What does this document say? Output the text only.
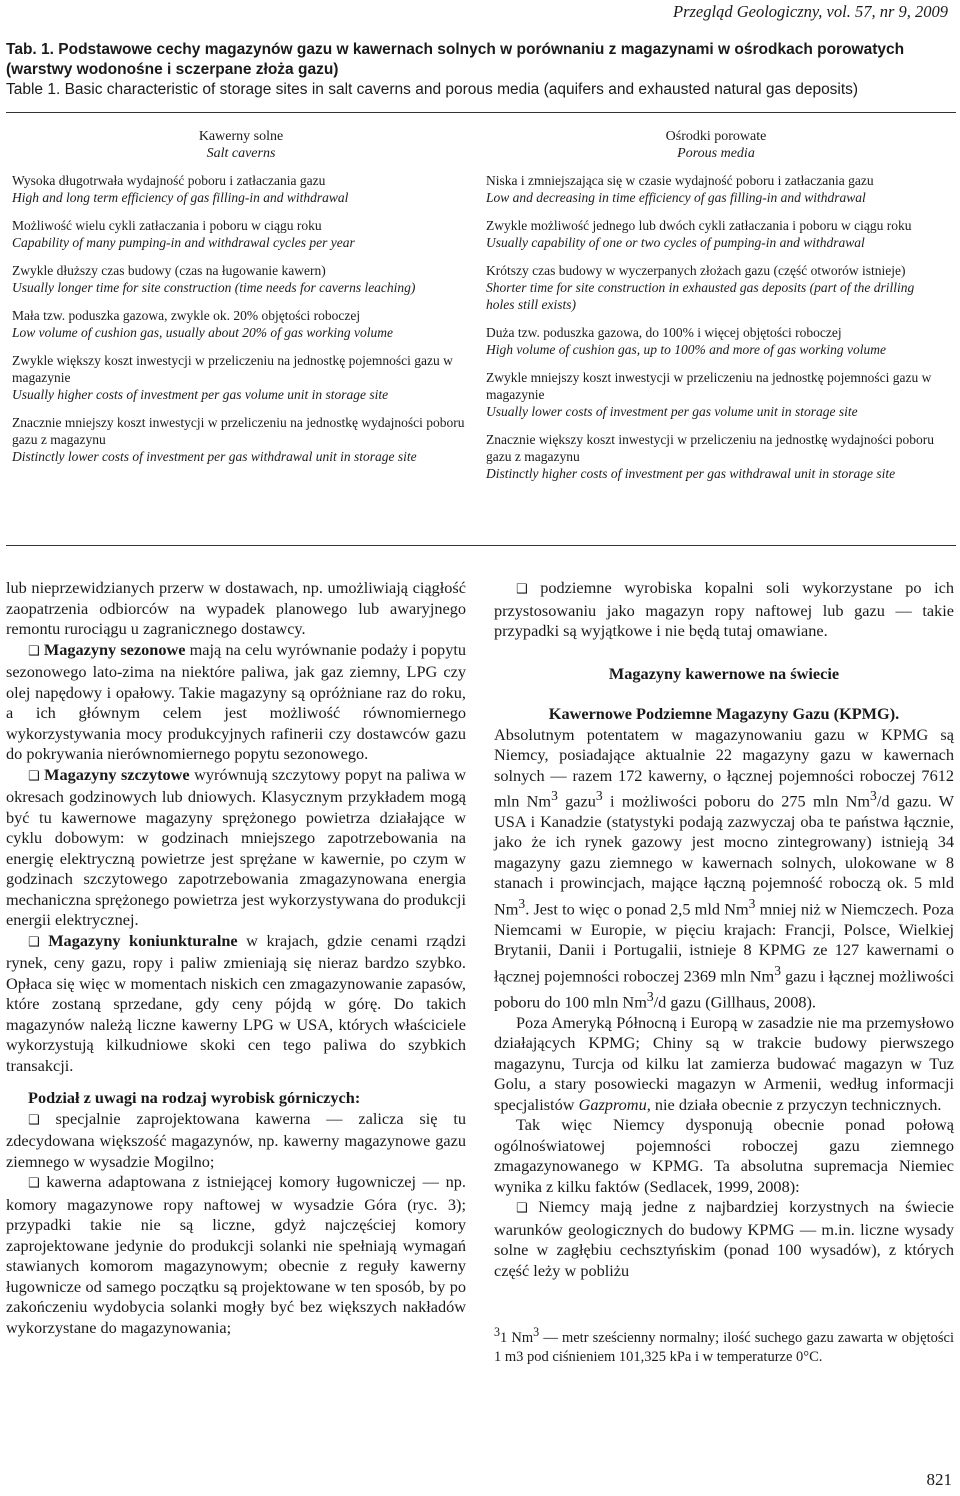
Przegląd Geologiczny, vol. 57, nr 9, 2009
Tab. 1. Podstawowe cechy magazynów gazu w kawernach solnych w porównaniu z magazynami w ośrodkach porowatych (warstwy wodonośne i sczerpane złoża gazu)
Table 1. Basic characteristic of storage sites in salt caverns and porous media (aquifers and exhausted natural gas deposits)
Kawerny solne
Salt caverns
Wysoka długotrwała wydajność poboru i zatłaczania gazu
High and long term efficiency of gas filling-in and withdrawal
Możliwość wielu cykli zatłaczania i poboru w ciągu roku
Capability of many pumping-in and withdrawal cycles per year
Zwykle dłuższy czas budowy (czas na ługowanie kawern)
Usually longer time for site construction (time needs for caverns leaching)
Mała tzw. poduszka gazowa, zwykle ok. 20% objętości roboczej
Low volume of cushion gas, usually about 20% of gas working volume
Zwykle większy koszt inwestycji w przeliczeniu na jednostkę pojemności gazu w magazynie
Usually higher costs of investment per gas volume unit in storage site
Znacznie mniejszy koszt inwestycji w przeliczeniu na jednostkę wydajności poboru gazu z magazynu
Distinctly lower costs of investment per gas withdrawal unit in storage site
Ośrodki porowate
Porous media
Niska i zmniejszająca się w czasie wydajność poboru i zatłaczania gazu
Low and decreasing in time efficiency of gas filling-in and withdrawal
Zwykle możliwość jednego lub dwóch cykli zatłaczania i poboru w ciągu roku
Usually capability of one or two cycles of pumping-in and withdrawal
Krótszy czas budowy w wyczerpanych złożach gazu (część otworów istnieje)
Shorter time for site construction in exhausted gas deposits (part of the drilling holes still exists)
Duża tzw. poduszka gazowa, do 100% i więcej objętości roboczej
High volume of cushion gas, up to 100% and more of gas working volume
Zwykle mniejszy koszt inwestycji w przeliczeniu na jednostkę pojemności gazu w magazynie
Usually lower costs of investment per gas volume unit in storage site
Znacznie większy koszt inwestycji w przeliczeniu na jednostkę wydajności poboru gazu z magazynu
Distinctly higher costs of investment per gas withdrawal unit in storage site

lub nieprzewidzianych przerw w dostawach, np. umożliwiają ciągłość zaopatrzenia odbiorców na wypadek planowego lub awaryjnego remontu rurociągu u zagranicznego dostawcy.

❑ Magazyny sezonowe mają na celu wyrównanie podaży i popytu sezonowego lato-zima na niektóre paliwa, jak gaz ziemny, LPG czy olej napędowy i opałowy. Takie magazyny są opróżniane raz do roku, a ich głównym celem jest możliwość równomiernego wykorzystywania mocy produkcyjnych rafinerii czy dostawców gazu do pokrywania nierównomiernego popytu sezonowego.

❑ Magazyny szczytowe wyrównują szczytowy popyt na paliwa w okresach godzinowych lub dniowych. Klasycznym przykładem mogą być tu kawernowe magazyny sprężonego powietrza działające w cyklu dobowym: w godzinach mniejszego zapotrzebowania na energię elektryczną powietrze jest sprężane w kawernie, po czym w godzinach szczytowego zapotrzebowania zmagazynowana energia mechaniczna sprężonego powietrza jest wykorzystywana do produkcji energii elektrycznej.

❑ Magazyny koniunkturalne w krajach, gdzie cenami rządzi rynek, ceny gazu, ropy i paliw zmieniają się nieraz bardzo szybko. Opłaca się więc w momentach niskich cen zmagazynowanie zapasów, które zostaną sprzedane, gdy ceny pójdą w górę. Do takich magazynów należą liczne kawerny LPG w USA, których właściciele wykorzystują kilkudniowe skoki cen tego paliwa do szybkich transakcji.

Podział z uwagi na rodzaj wyrobisk górniczych:

❑ specjalnie zaprojektowana kawerna — zalicza się tu zdecydowana większość magazynów, np. kawerny magazynowe gazu ziemnego w wysadzie Mogilno;

❑ kawerna adaptowana z istniejącej komory ługowniczej — np. komory magazynowe ropy naftowej w wysadzie Góra (ryc. 3); przypadki takie nie są liczne, gdyż najczęściej komory zaprojektowane jedynie do produkcji solanki nie spełniają wymagań stawianych komorom magazynowym; obecnie z reguły kawerny ługownicze od samego początku są projektowane w ten sposób, by po zakończeniu wydobycia solanki mogły być bez większych nakładów wykorzystane do magazynowania;

❑ podziemne wyrobiska kopalni soli wykorzystane po ich przystosowaniu jako magazyn ropy naftowej lub gazu — takie przypadki są wyjątkowe i nie będą tutaj omawiane.

Magazyny kawernowe na świecie

Kawernowe Podziemne Magazyny Gazu (KPMG).

Absolutnym potentatem w magazynowaniu gazu w KPMG są Niemcy, posiadające aktualnie 22 magazyny gazu w kawernach solnych — razem 172 kawerny, o łącznej pojemności roboczej 7612 mln Nm$^3$ gazu$^3$ i możliwości poboru do 275 mln Nm$^3$/d gazu. W USA i Kanadzie (statystyki podają zazwyczaj oba te państwa łącznie, jako że ich rynek gazowy jest mocno zintegrowany) istnieją 34 magazyny gazu ziemnego w kawernach solnych, ulokowane w 8 stanach i prowincjach, mające łączną pojemność roboczą ok. 5 mld Nm$^3$. Jest to więc o ponad 2,5 mld Nm$^3$ mniej niż w Niemczech. Poza Niemcami w Europie, w pięciu krajach: Francji, Polsce, Wielkiej Brytanii, Danii i Portugalii, istnieje 8 KPMG ze 127 kawernami o łącznej pojemności roboczej 2369 mln Nm$^3$ gazu i łącznej możliwości poboru do 100 mln Nm$^3$/d gazu (Gillhaus, 2008).

Poza Ameryką Północną i Europą w zasadzie nie ma przemysłowo działających KPMG; Chiny są w trakcie budowy pierwszego magazynu, Turcja od kilku lat zamierza budować magazyn w Tuz Golu, a stary posowiecki magazyn w Armenii, według informacji specjalistów Gazpromu, nie działa obecnie z przyczyn technicznych.

Tak więc Niemcy dysponują obecnie ponad połową ogólnoświatowej pojemności roboczej gazu ziemnego zmagazynowanego w KPMG. Ta absolutna supremacja Niemiec wynika z kilku faktów (Sedlacek, 1999, 2008):

❑ Niemcy mają jedne z najbardziej korzystnych na świecie warunków geologicznych do budowy KPMG — m.in. liczne wysady solne w zagłębiu cechsztyńskim (ponad 100 wysadów), z których część leży w pobliżu

$^3$1 Nm$^3$ — metr sześcienny normalny; ilość suchego gazu zawarta w objętości 1 m3 pod ciśnieniem 101,325 kPa i w temperaturze 0°C.
821
